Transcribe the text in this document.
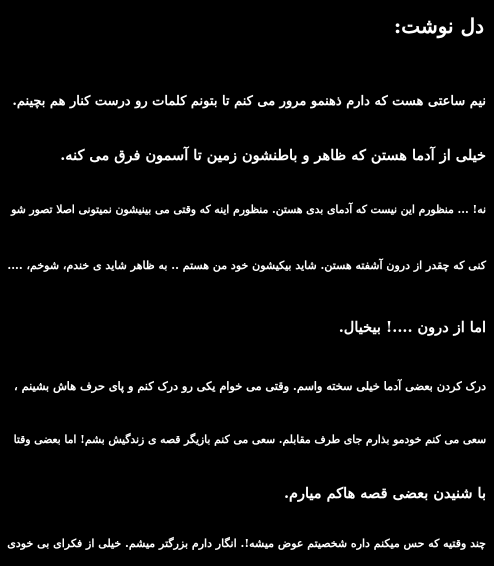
دل نوشت:
نیم ساعتی هست که دارم ذهنمو مرور می کنم تا بتونم کلمات رو درست کنار هم بچینم.
خیلی از آدما هستن که ظاهر و باطنشون زمین تا آسمون فرق می کنه.
نه! ... منظورم این نیست که آدمای بدی هستن. منظورم اینه که وقتی می بینیشون نمیتونی اصلا تصور شو
کنی که چقدر از درون آشفته هستن. شاید بیکیشون خود من هستم .. به ظاهر شاید ی خندم، شوخم، ....
اما از درون ....! بیخیال.
درک کردن بعضی آدما خیلی سخته واسم. وقتی می خوام یکی رو درک کنم و پای حرف هاش بشینم ،
سعی می کنم خودمو بذارم جای طرف مقابلم. سعی می کنم بازیگر قصه ی زندگیش بشم! اما بعضی وقتا
با شنیدن بعضی قصه هاکم میارم.
چند وقتیه که حس میکنم داره شخصیتم عوض میشه!. انگار دارم بزرگتر میشم. خیلی از فکرای بی خودی
